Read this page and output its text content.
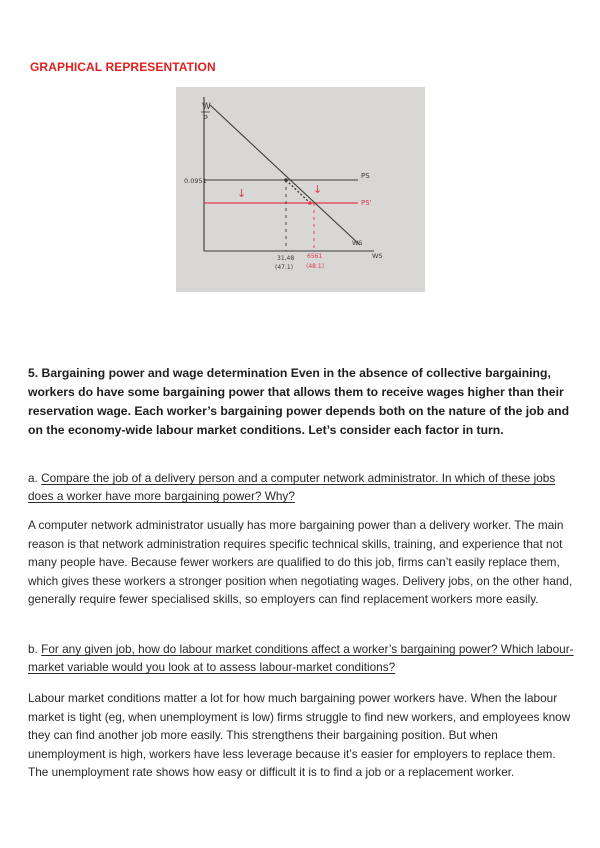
GRAPHICAL REPRESENTATION
W
P
0.0951
PS
PS'
↓	↓
WS
WS
31,48
(47.1)
6561
(48.1)
5. Bargaining power and wage determination Even in the absence of collective bargaining, workers do have some bargaining power that allows them to receive wages higher than their reservation wage. Each worker’s bargaining power depends both on the nature of the job and on the economy-wide labour market conditions. Let’s consider each factor in turn.
a. Compare the job of a delivery person and a computer network administrator. In which of these jobs does a worker have more bargaining power? Why?

A computer network administrator usually has more bargaining power than a delivery worker. The main reason is that network administration requires specific technical skills, training, and experience that not many people have. Because fewer workers are qualified to do this job, firms can’t easily replace them, which gives these workers a stronger position when negotiating wages. Delivery jobs, on the other hand, generally require fewer specialised skills, so employers can find replacement workers more easily.

b. For any given job, how do labour market conditions affect a worker’s bargaining power? Which labour-market variable would you look at to assess labour-market conditions?

Labour market conditions matter a lot for how much bargaining power workers have. When the labour market is tight (eg, when unemployment is low) firms struggle to find new workers, and employees know they can find another job more easily. This strengthens their bargaining position. But when unemployment is high, workers have less leverage because it’s easier for employers to replace them.

The unemployment rate shows how easy or difficult it is to find a job or a replacement worker.
